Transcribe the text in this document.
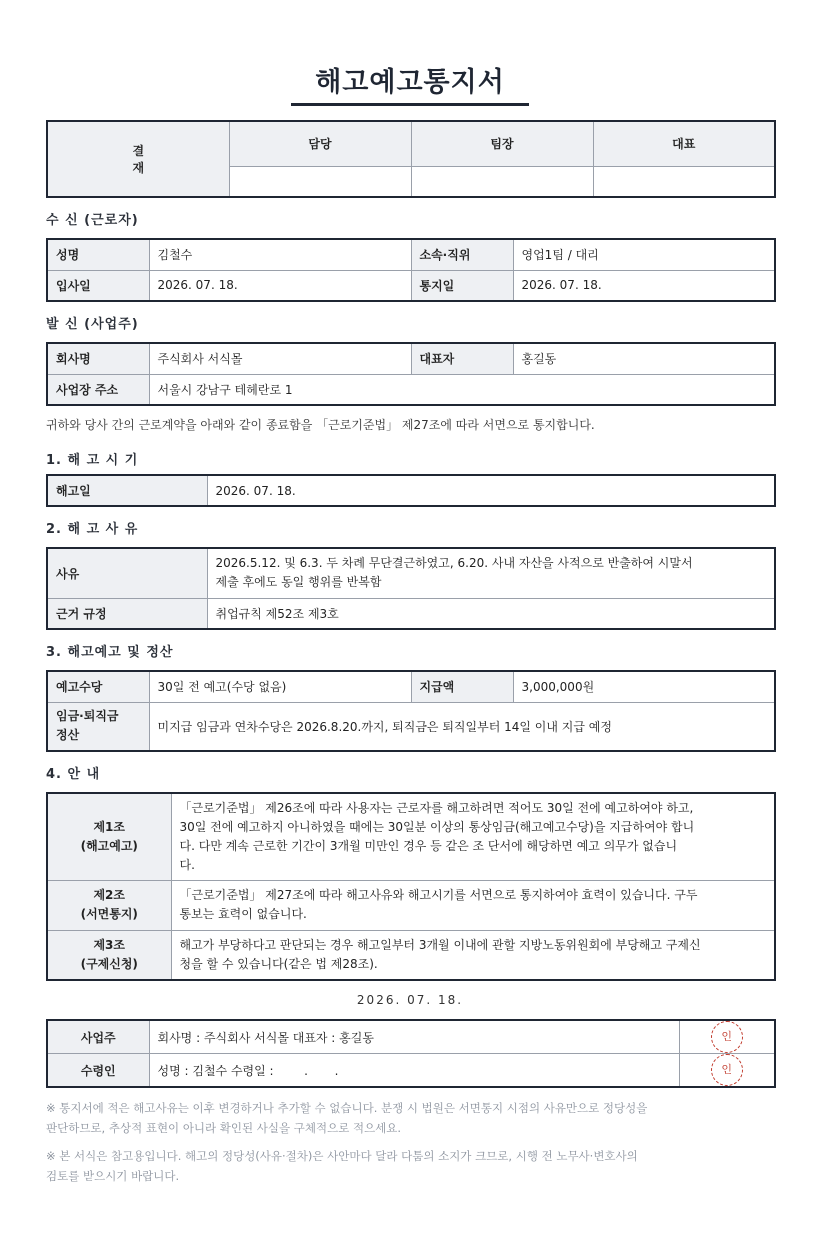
해고예고통지서
결
재	담당	팀장	대표

수 신 (근로자)

성명	김철수	소속·직위	영업1팀 / 대리
입사일	2026. 07. 18.	통지일	2026. 07. 18.

발 신 (사업주)

회사명	주식회사 서식몰	대표자	홍길동
사업장 주소	서울시 강남구 테헤란로 1		
귀하와 당사 간의 근로계약을 아래와 같이 종료함을 「근로기준법」 제27조에 따라 서면으로 통지합니다.

1. 해 고 시 기

해고일	2026. 07. 18.

2. 해 고 사 유

사유	2026.5.12. 및 6.3. 두 차례 무단결근하였고, 6.20. 사내 자산을 사적으로 반출하여 시말서
제출 후에도 동일 행위를 반복함
근거 규정	취업규칙 제52조 제3호

3. 해고예고 및 정산

예고수당	30일 전 예고(수당 없음)	지급액	3,000,000원
임금·퇴직금
정산	미지급 임금과 연차수당은 2026.8.20.까지, 퇴직금은 퇴직일부터 14일 이내 지급 예정		

4. 안 내

제1조
(해고예고)	「근로기준법」 제26조에 따라 사용자는 근로자를 해고하려면 적어도 30일 전에 예고하여야 하고,
30일 전에 예고하지 아니하였을 때에는 30일분 이상의 통상임금(해고예고수당)을 지급하여야 합니
다. 다만 계속 근로한 기간이 3개월 미만인 경우 등 같은 조 단서에 해당하면 예고 의무가 없습니
다.
제2조
(서면통지)	「근로기준법」 제27조에 따라 해고사유와 해고시기를 서면으로 통지하여야 효력이 있습니다. 구두
통보는 효력이 없습니다.
제3조
(구제신청)	해고가 부당하다고 판단되는 경우 해고일부터 3개월 이내에 관할 지방노동위원회에 부당해고 구제신
청을 할 수 있습니다(같은 법 제28조).
2026. 07. 18.
사업주	회사명 : 주식회사 서식몰 대표자 : 홍길동	인
수령인	성명 : 김철수 수령일 :        .       .	인
※ 통지서에 적은 해고사유는 이후 변경하거나 추가할 수 없습니다. 분쟁 시 법원은 서면통지 시점의 사유만으로 정당성을
판단하므로, 추상적 표현이 아니라 확인된 사실을 구체적으로 적으세요.
※ 본 서식은 참고용입니다. 해고의 정당성(사유·절차)은 사안마다 달라 다툼의 소지가 크므로, 시행 전 노무사·변호사의
검토를 받으시기 바랍니다.
